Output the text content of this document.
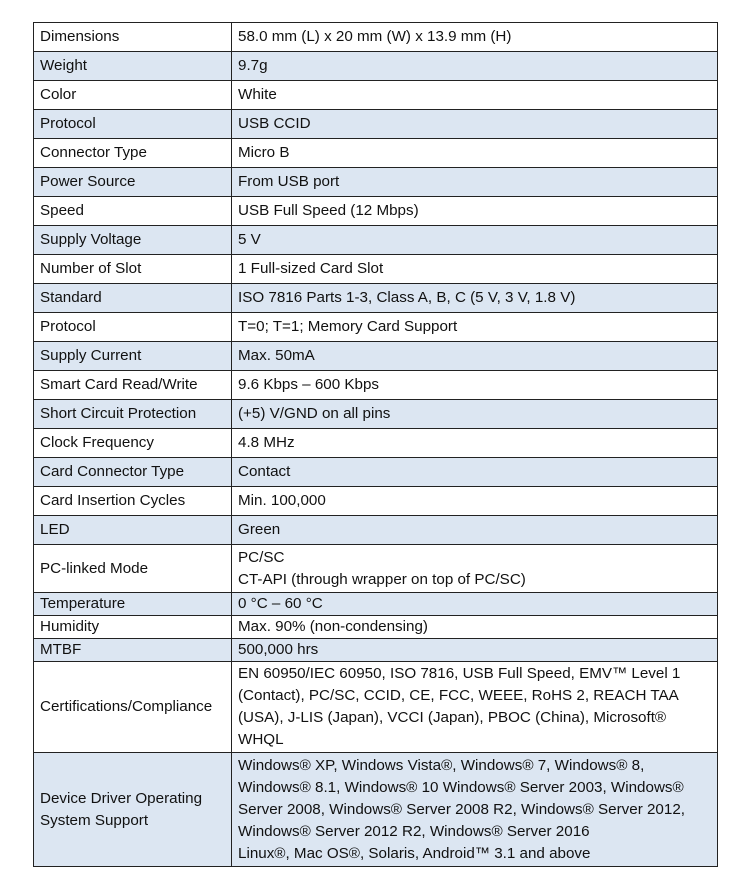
Dimensions	58.0 mm (L) x 20 mm (W) x 13.9 mm (H)

Weight	9.7g

Color	White

Protocol	USB CCID

Connector Type	Micro B

Power Source	From USB port

Speed	USB Full Speed (12 Mbps)

Supply Voltage	5 V

Number of Slot	1 Full-sized Card Slot

Standard	ISO 7816 Parts 1-3, Class A, B, C (5 V, 3 V, 1.8 V)

Protocol	T=0; T=1; Memory Card Support

Supply Current	Max. 50mA

Smart Card Read/Write	9.6 Kbps – 600 Kbps

Short Circuit Protection	(+5) V/GND on all pins

Clock Frequency	4.8 MHz

Card Connector Type	Contact

Card Insertion Cycles	Min. 100,000

LED	Green

PC-linked Mode	PC/SC
CT-API (through wrapper on top of PC/SC)

Temperature	0 °C – 60 °C

Humidity	Max. 90% (non-condensing)

MTBF	500,000 hrs

Certifications/Compliance	EN 60950/IEC 60950, ISO 7816, USB Full Speed, EMV™ Level 1
(Contact), PC/SC, CCID, CE, FCC, WEEE, RoHS 2, REACH TAA
(USA), J-LIS (Japan), VCCI (Japan), PBOC (China), Microsoft®
WHQL

Device Driver Operating System Support	Windows® XP, Windows Vista®, Windows® 7, Windows® 8,
Windows® 8.1, Windows® 10 Windows® Server 2003, Windows®
Server 2008, Windows® Server 2008 R2, Windows® Server 2012,
Windows® Server 2012 R2, Windows® Server 2016
Linux®, Mac OS®, Solaris, Android™ 3.1 and above
